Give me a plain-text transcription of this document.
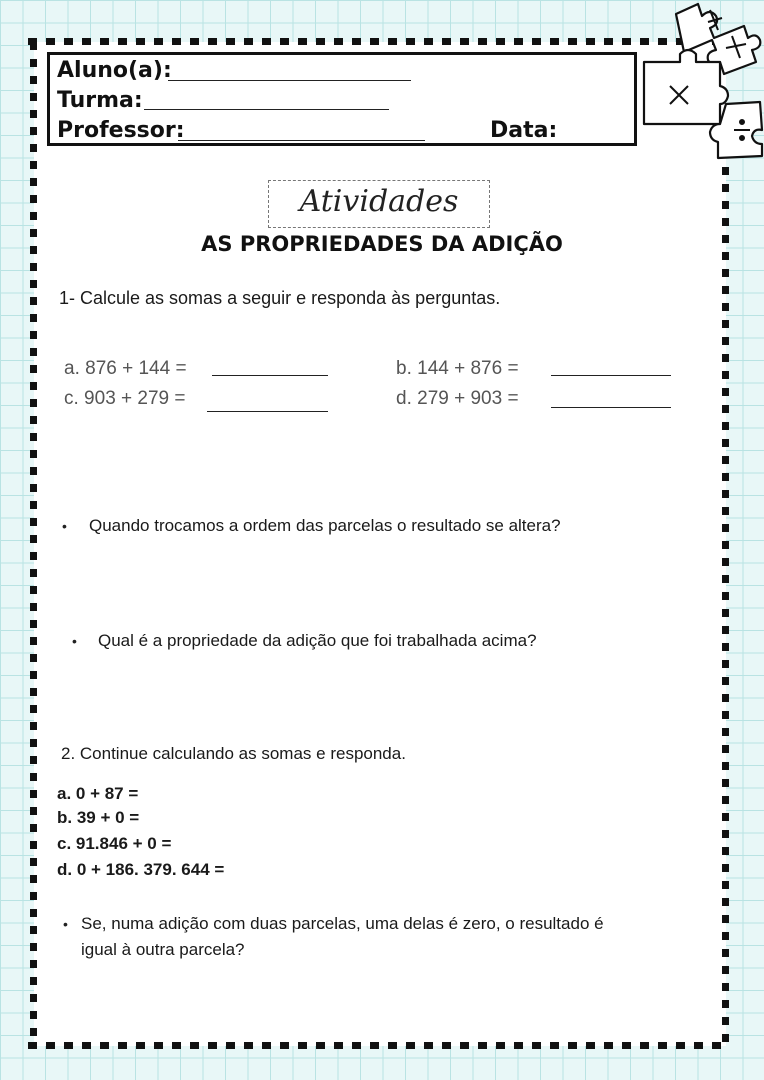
Aluno(a):
Turma:
Professor:	Data:
Atividades
AS PROPRIEDADES DA ADIÇÃO
1- Calcule as somas a seguir e responda às perguntas.
a. 876 + 144 =	b. 144 + 876 =
c. 903 + 279 =	d. 279 + 903 =
• Quando trocamos a ordem das parcelas o resultado se altera?
• Qual é a propriedade da adição que foi trabalhada acima?
2. Continue calculando as somas e responda.
a. 0 + 87 =
b. 39 + 0 =
c. 91.846 + 0 =
d. 0 + 186. 379. 644 =
• Se, numa adição com duas parcelas, uma delas é zero, o resultado é
igual à outra parcela?
